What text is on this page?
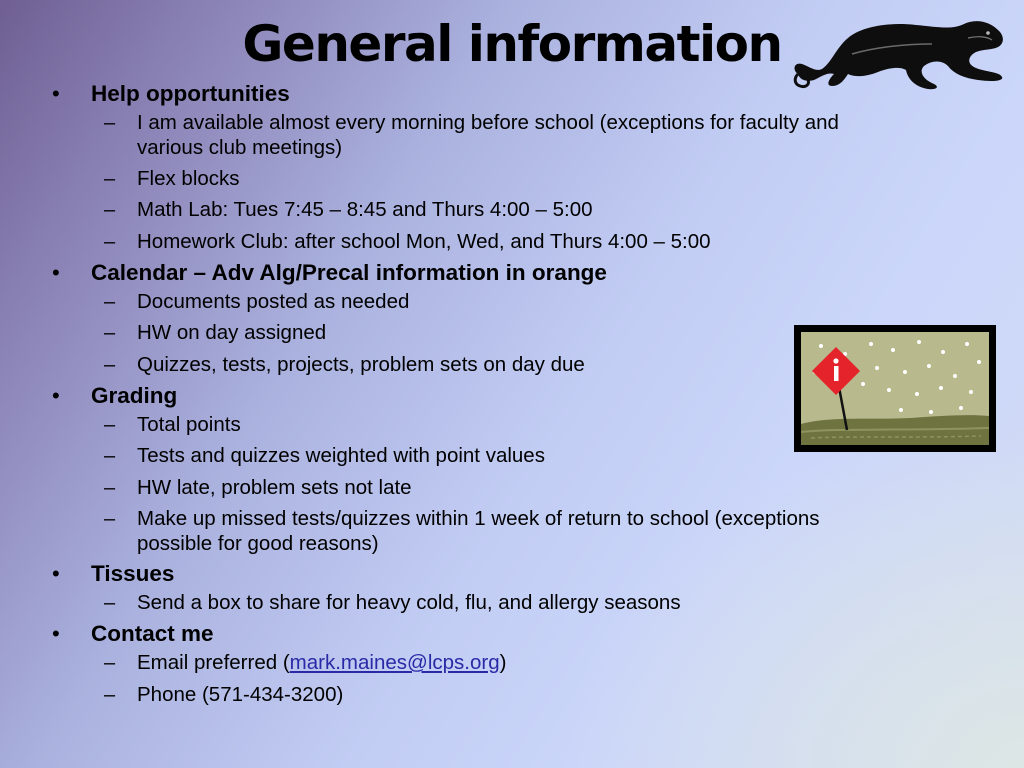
General information
•	Help opportunities
–	I am available almost every morning before school (exceptions for faculty and various club meetings)
–	Flex blocks
–	Math Lab: Tues 7:45 – 8:45 and Thurs 4:00 – 5:00
–	Homework Club: after school Mon, Wed, and Thurs 4:00 – 5:00
•	Calendar – Adv Alg/Precal information in orange
–	Documents posted as needed
–	HW on day assigned
–	Quizzes, tests, projects, problem sets on day due
•	Grading
–	Total points
–	Tests and quizzes weighted with point values
–	HW late, problem sets not late
–	Make up missed tests/quizzes within 1 week of return to school (exceptions possible for good reasons)
•	Tissues
–	Send a box to share for heavy cold, flu, and allergy seasons
•	Contact me
–	Email preferred (mark.maines@lcps.org)
–	Phone (571-434-3200)
